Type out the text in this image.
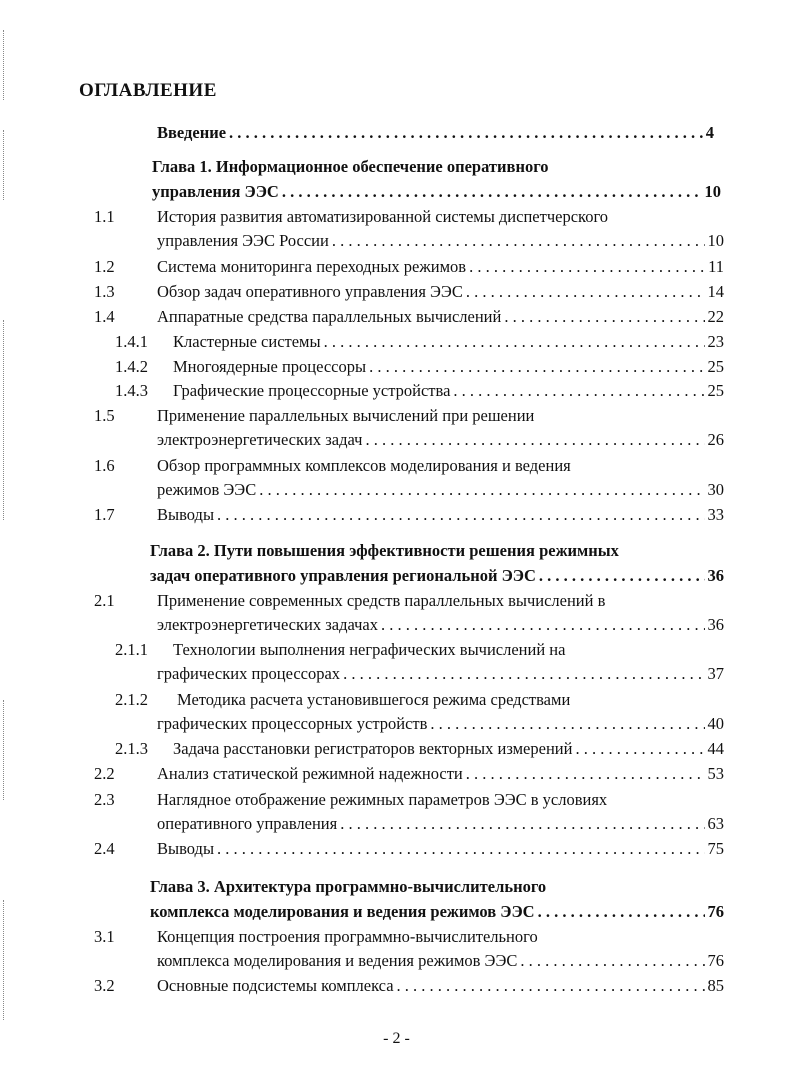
ОГЛАВЛЕНИЕ
Введение . . .	4
Глава 1. Информационное обеспечение оперативного
управления ЭЭС . . .	10
1.1	История развития автоматизированной системы диспетчерского
управления ЭЭС России . . .	10
1.2	Система мониторинга переходных режимов . . .	11
1.3	Обзор задач оперативного управления ЭЭС . . .	14
1.4	Аппаратные средства параллельных вычислений . . .	22
1.4.1 Кластерные системы . . .	23
1.4.2 Многоядерные процессоры . . .	25
1.4.3 Графические процессорные устройства . . .	25
1.5	Применение параллельных вычислений при решении
электроэнергетических задач . . .	26
1.6	Обзор программных комплексов моделирования и ведения
режимов ЭЭС . . .	30
1.7	Выводы . . .	33
Глава 2. Пути повышения эффективности решения режимных
задач оперативного управления региональной ЭЭС . . .	36
2.1	Применение современных средств параллельных вычислений в
электроэнергетических задачах . . .	36
2.1.1 Технологии выполнения неграфических вычислений на
графических процессорах . . .	37
2.1.2 Методика расчета установившегося режима средствами
графических процессорных устройств . . .	40
2.1.3 Задача расстановки регистраторов векторных измерений . . .	44
2.2	Анализ статической режимной надежности . . .	53
2.3	Наглядное отображение режимных параметров ЭЭС в условиях
оперативного управления . . .	63
2.4	Выводы . . .	75
Глава 3. Архитектура программно-вычислительного
комплекса моделирования и ведения режимов ЭЭС . . .	76
3.1	Концепция построения программно-вычислительного
комплекса моделирования и ведения режимов ЭЭС . . .	76
3.2	Основные подсистемы комплекса . . .	85
- 2 -
